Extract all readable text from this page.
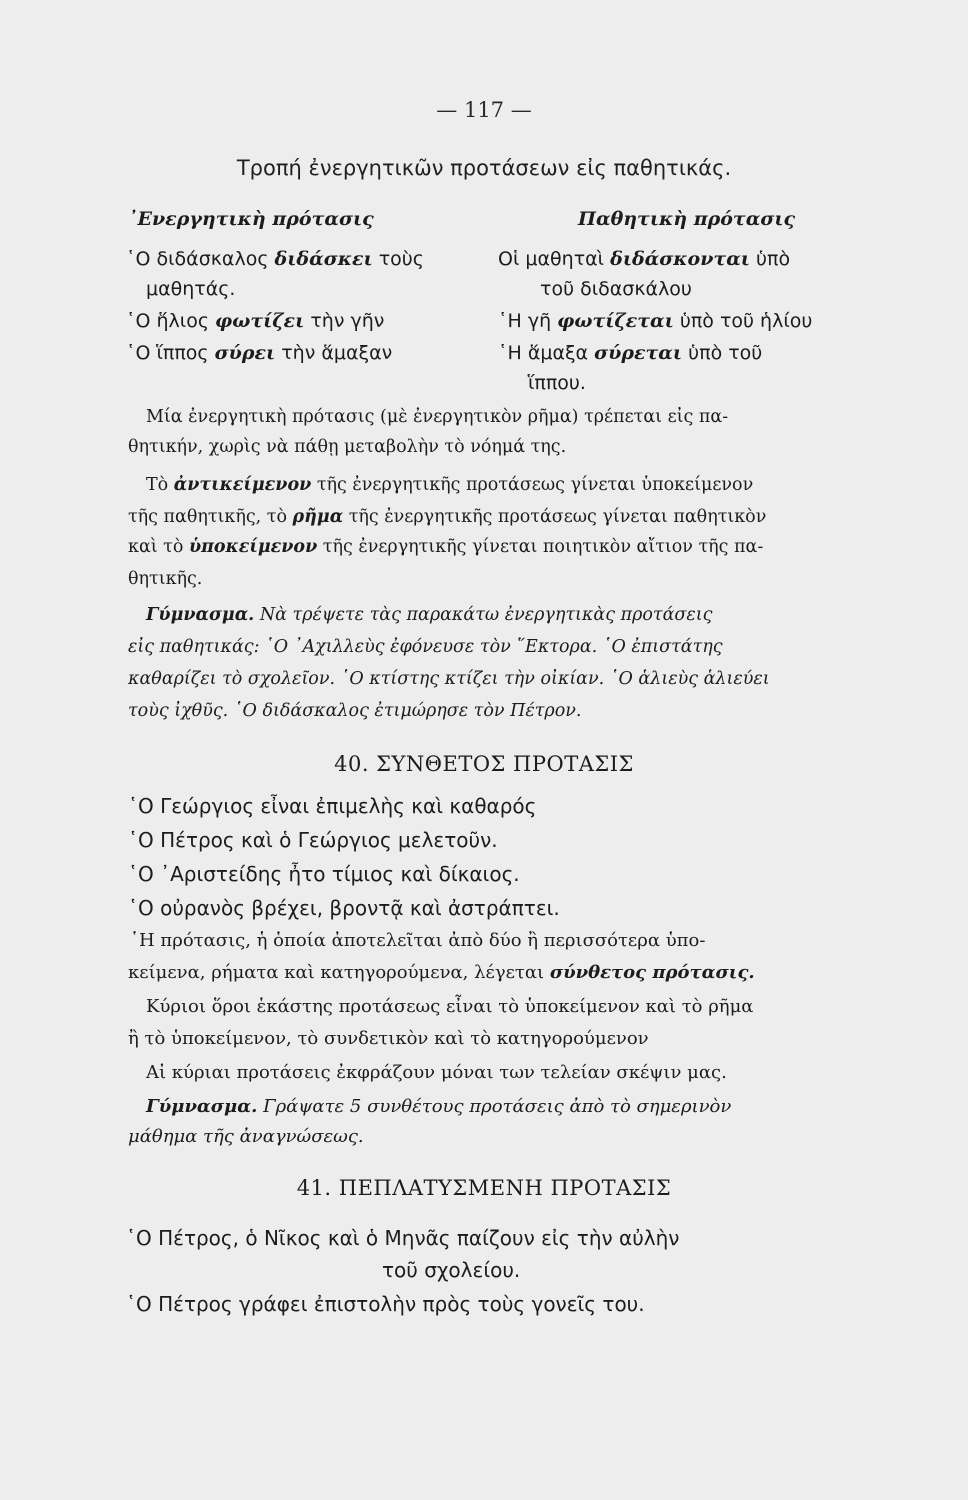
— 117 —
Τροπή ἐνεργητικῶν προτάσεων εἰς παθητικάς.
᾿Ενεργητικὴ πρότασις	Παθητικὴ πρότασις
῾Ο διδάσκαλος διδάσκει τοὺς
μαθητάς.
῾Ο ἥλιος φωτίζει τὴν γῆν
῾Ο ἵππος σύρει τὴν ἅμαξαν
Οἱ μαθηταὶ διδάσκονται ὑπὸ
τοῦ διδασκάλου
῾Η γῆ φωτίζεται ὑπὸ τοῦ ἡλίου
῾Η ἅμαξα σύρεται ὑπὸ τοῦ
ἵππου.
Μία ἐνεργητικὴ πρότασις (μὲ ἐνεργητικὸν ρῆμα) τρέπεται εἰς πα-
θητικήν, χωρὶς νὰ πάθῃ μεταβολὴν τὸ νόημά της.
Τὸ ἀντικείμενον τῆς ἐνεργητικῆς προτάσεως γίνεται ὑποκείμενον
τῆς παθητικῆς, τὸ ρῆμα τῆς ἐνεργητικῆς προτάσεως γίνεται παθητικὸν
καὶ τὸ ὑποκείμενον τῆς ἐνεργητικῆς γίνεται ποιητικὸν αἴτιον τῆς πα-
θητικῆς.
Γύμνασμα. Νὰ τρέψετε τὰς παρακάτω ἐνεργητικὰς προτάσεις
εἰς παθητικάς: ῾Ο ᾿Αχιλλεὺς ἐφόνευσε τὸν ῞Εκτορα. ῾Ο ἐπιστάτης
καθαρίζει τὸ σχολεῖον. ῾Ο κτίστης κτίζει τὴν οἰκίαν. ῾Ο ἁλιεὺς ἁλιεύει
τοὺς ἰχθῦς. ῾Ο διδάσκαλος ἐτιμώρησε τὸν Πέτρον.
40. ΣΥΝΘΕΤΟΣ ΠΡΟΤΑΣΙΣ
῾Ο Γεώργιος εἶναι ἐπιμελὴς καὶ καθαρός
῾Ο Πέτρος καὶ ὁ Γεώργιος μελετοῦν.
῾Ο ᾿Αριστείδης ἦτο τίμιος καὶ δίκαιος.
῾Ο οὐρανὸς βρέχει, βροντᾷ καὶ ἀστράπτει.
῾Η πρότασις, ἡ ὁποία ἀποτελεῖται ἀπὸ δύο ἢ περισσότερα ὑπο-
κείμενα, ρήματα καὶ κατηγορούμενα, λέγεται σύνθετος πρότασις.
Κύριοι ὅροι ἑκάστης προτάσεως εἶναι τὸ ὑποκείμενον καὶ τὸ ρῆμα
ἢ τὸ ὑποκείμενον, τὸ συνδετικὸν καὶ τὸ κατηγορούμενον
Αἱ κύριαι προτάσεις ἐκφράζουν μόναι των τελείαν σκέψιν μας.
Γύμνασμα. Γράψατε 5 συνθέτους προτάσεις ἀπὸ τὸ σημερινὸν
μάθημα τῆς ἀναγνώσεως.
41. ΠΕΠΛΑΤΥΣΜΕΝΗ ΠΡΟΤΑΣΙΣ
῾Ο Πέτρος, ὁ Νῖκος καὶ ὁ Μηνᾶς παίζουν εἰς τὴν αὐλὴν
τοῦ σχολείου.
῾Ο Πέτρος γράφει ἐπιστολὴν πρὸς τοὺς γονεῖς του.
